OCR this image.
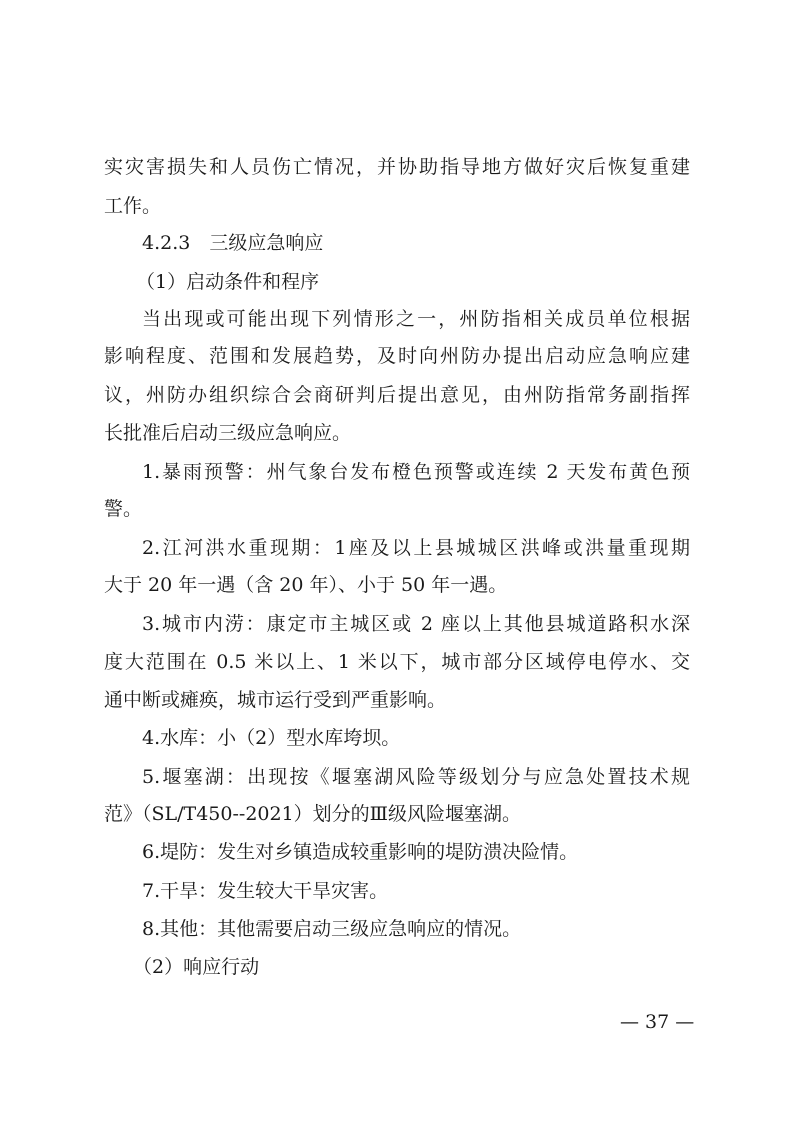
实灾害损失和人员伤亡情况，并协助指导地方做好灾后恢复重建
工作。
4.2.3　三级应急响应
（1）启动条件和程序
当出现或可能出现下列情形之一，州防指相关成员单位根据
影响程度、范围和发展趋势，及时向州防办提出启动应急响应建
议，州防办组织综合会商研判后提出意见，由州防指常务副指挥
长批准后启动三级应急响应。
1.暴雨预警：州气象台发布橙色预警或连续 2 天发布黄色预
警。
2.江河洪水重现期：1座及以上县城城区洪峰或洪量重现期
大于 20 年一遇（含 20 年）、小于 50 年一遇。
3.城市内涝：康定市主城区或 2 座以上其他县城道路积水深
度大范围在 0.5 米以上、1 米以下，城市部分区域停电停水、交
通中断或瘫痪，城市运行受到严重影响。
4.水库：小（2）型水库垮坝。
5.堰塞湖：出现按《堰塞湖风险等级划分与应急处置技术规
范》（SL/T450--2021）划分的Ⅲ级风险堰塞湖。
6.堤防：发生对乡镇造成较重影响的堤防溃决险情。
7.干旱：发生较大干旱灾害。
8.其他：其他需要启动三级应急响应的情况。
（2）响应行动
— 37 —
